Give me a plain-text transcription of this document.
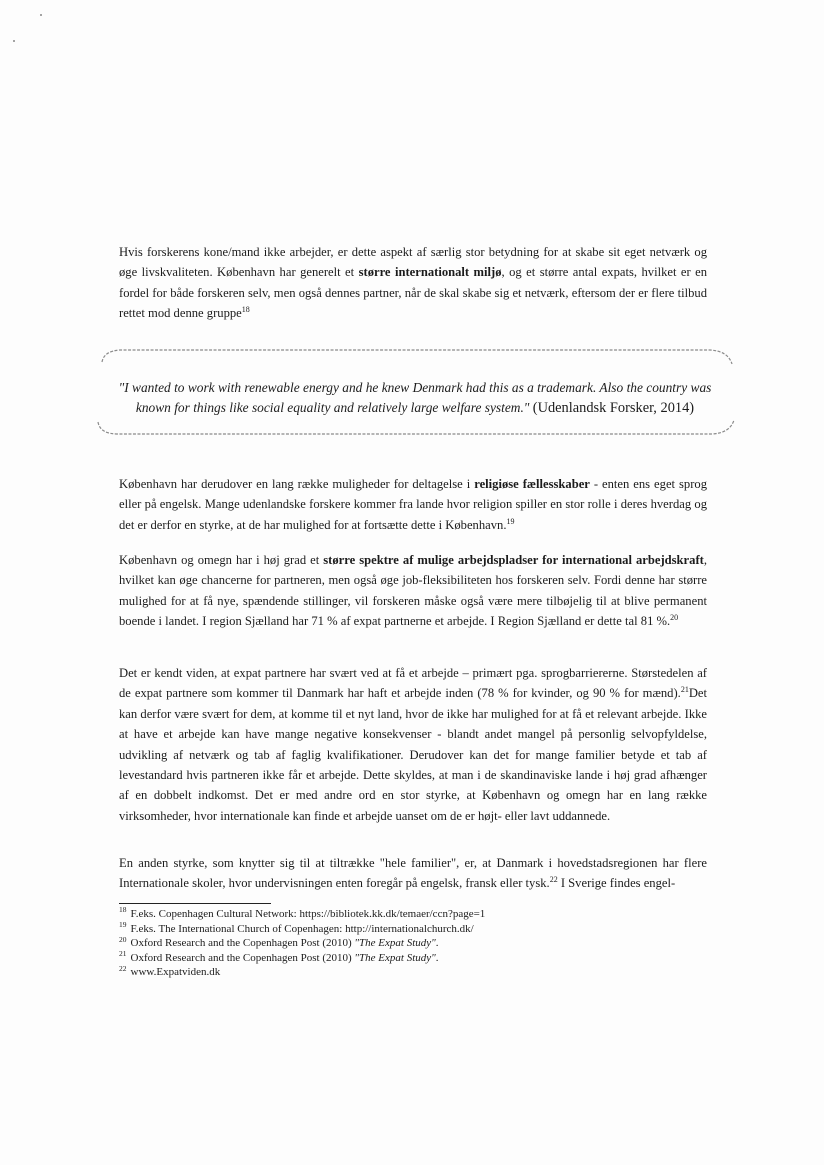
Hvis forskerens kone/mand ikke arbejder, er dette aspekt af særlig stor betydning for at skabe sit eget netværk og øge livskvaliteten. København har generelt et større internationalt miljø, og et større antal expats, hvilket er en fordel for både forskeren selv, men også dennes partner, når de skal skabe sig et netværk, eftersom der er flere tilbud rettet mod denne gruppe$^{18}$

"I wanted to work with renewable energy and he knew Denmark had this as a trademark. Also the country was known for things like social equality and relatively large welfare system." (Udenlandsk Forsker, 2014)

København har derudover en lang række muligheder for deltagelse i religiøse fællesskaber - enten ens eget sprog eller på engelsk. Mange udenlandske forskere kommer fra lande hvor religion spiller en stor rolle i deres hverdag og det er derfor en styrke, at de har mulighed for at fortsætte dette i København.$^{19}$

København og omegn har i høj grad et større spektre af mulige arbejdspladser for international arbejdskraft, hvilket kan øge chancerne for partneren, men også øge job-fleksibiliteten hos forskeren selv. Fordi denne har større mulighed for at få nye, spændende stillinger, vil forskeren måske også være mere tilbøjelig til at blive permanent boende i landet. I region Sjælland har 71 % af expat partnerne et arbejde. I Region Sjælland er dette tal 81 %.$^{20}$

Det er kendt viden, at expat partnere har svært ved at få et arbejde – primært pga. sprogbarriererne. Størstedelen af de expat partnere som kommer til Danmark har haft et arbejde inden (78 % for kvinder, og 90 % for mænd).$^{21}$Det kan derfor være svært for dem, at komme til et nyt land, hvor de ikke har mulighed for at få et relevant arbejde. Ikke at have et arbejde kan have mange negative konsekvenser - blandt andet mangel på personlig selvopfyldelse, udvikling af netværk og tab af faglig kvalifikationer. Derudover kan det for mange familier betyde et tab af levestandard hvis partneren ikke får et arbejde. Dette skyldes, at man i de skandinaviske lande i høj grad afhænger af en dobbelt indkomst. Det er med andre ord en stor styrke, at København og omegn har en lang række virksomheder, hvor internationale kan finde et arbejde uanset om de er højt- eller lavt uddannede.

En anden styrke, som knytter sig til at tiltrække "hele familier", er, at Danmark i hovedstadsregionen har flere Internationale skoler, hvor undervisningen enten foregår på engelsk, fransk eller tysk.$^{22}$ I Sverige findes engel-

$^{18}$ F.eks. Copenhagen Cultural Network: https://bibliotek.kk.dk/temaer/ccn?page=1
$^{19}$ F.eks. The International Church of Copenhagen: http://internationalchurch.dk/
$^{20}$ Oxford Research and the Copenhagen Post (2010) "The Expat Study".
$^{21}$ Oxford Research and the Copenhagen Post (2010) "The Expat Study".
$^{22}$ www.Expatviden.dk
